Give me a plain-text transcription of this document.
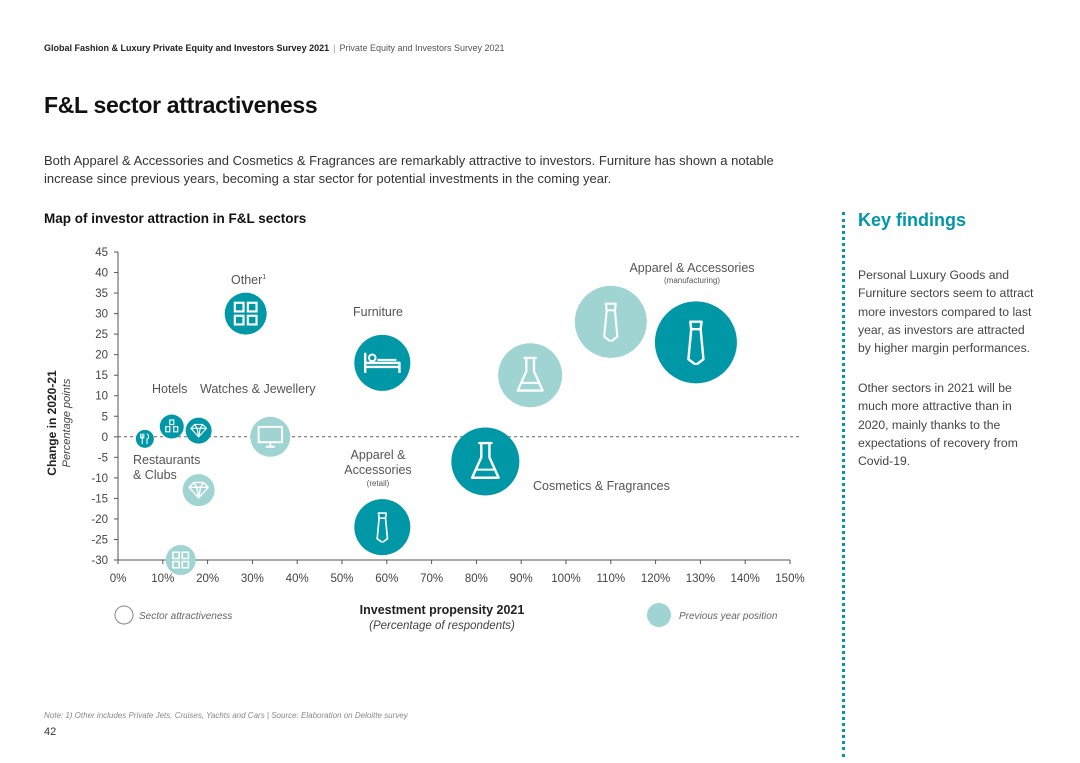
Global Fashion & Luxury Private Equity and Investors Survey 2021 | Private Equity and Investors Survey 2021
F&L sector attractiveness

Both Apparel & Accessories and Cosmetics & Fragrances are remarkably attractive to investors. Furniture has shown a notable increase since previous years, becoming a star sector for potential investments in the coming year.

Map of investor attraction in F&L sectors
-30
-25
-20
-15
-10
-5
0
5
10
15
20
25
30
35
40
45
0% 10% 20% 30% 40% 50% 60% 70% 80% 90% 100% 110% 120% 130% 140% 150%
Apparel & Accessories
(manufacturing)
Other$^1$
Furniture
Hotels Watches & Jewellery
Restaurants
& Clubs
Apparel &
Accessories
(retail)	Cosmetics & Fragrances
Investment propensity 2021
(Percentage of respondents)
Change in 2020-21 Percentage points
Sector attractiveness	Previous year position
Key findings

Personal Luxury Goods and Furniture sectors seem to attract more investors compared to last year, as investors are attracted by higher margin performances.

Other sectors in 2021 will be much more attractive than in 2020, mainly thanks to the expectations of recovery from Covid-19.

Note: 1) Other includes Private Jets, Cruises, Yachts and Cars | Source: Elaboration on Deloitte survey
42
